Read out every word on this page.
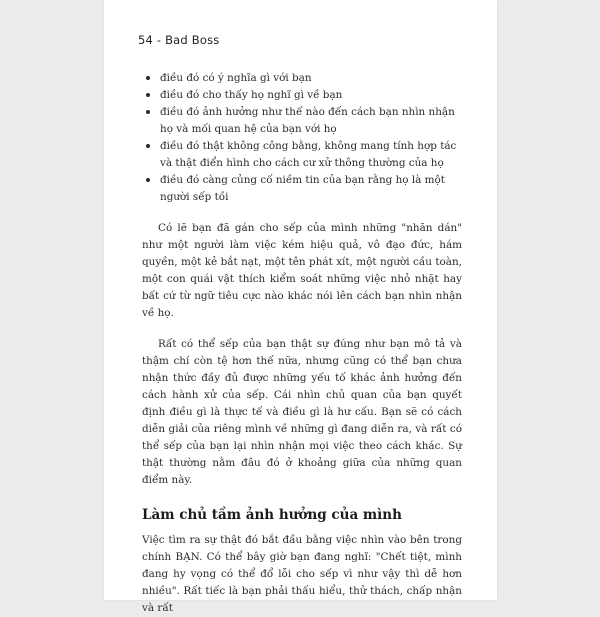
54 - Bad Boss
điều đó có ý nghĩa gì với bạn
điều đó cho thấy họ nghĩ gì về bạn
điều đó ảnh hưởng như thế nào đến cách bạn nhìn nhận họ và mối quan hệ của bạn với họ
điều đó thật không công bằng, không mang tính hợp tác và thật điển hình cho cách cư xử thông thường của họ
điều đó càng củng cố niềm tin của bạn rằng họ là một người sếp tồi

Có lẽ bạn đã gán cho sếp của mình những "nhãn dán" như một người làm việc kém hiệu quả, vô đạo đức, hám quyền, một kẻ bắt nạt, một tên phát xít, một người cầu toàn, một con quái vật thích kiểm soát những việc nhỏ nhặt hay bất cứ từ ngữ tiêu cực nào khác nói lên cách bạn nhìn nhận về họ.

Rất có thể sếp của bạn thật sự đúng như bạn mô tả và thậm chí còn tệ hơn thế nữa, nhưng cũng có thể bạn chưa nhận thức đầy đủ được những yếu tố khác ảnh hưởng đến cách hành xử của sếp. Cái nhìn chủ quan của bạn quyết định điều gì là thực tế và điều gì là hư cấu. Bạn sẽ có cách diễn giải của riêng mình về những gì đang diễn ra, và rất có thể sếp của bạn lại nhìn nhận mọi việc theo cách khác. Sự thật thường nằm đâu đó ở khoảng giữa của những quan điểm này.

Làm chủ tầm ảnh hưởng của mình

Việc tìm ra sự thật đó bắt đầu bằng việc nhìn vào bên trong chính BẠN. Có thể bây giờ bạn đang nghĩ: "Chết tiệt, mình đang hy vọng có thể đổ lỗi cho sếp vì như vậy thì dễ hơn nhiều". Rất tiếc là bạn phải thấu hiểu, thử thách, chấp nhận và rất
